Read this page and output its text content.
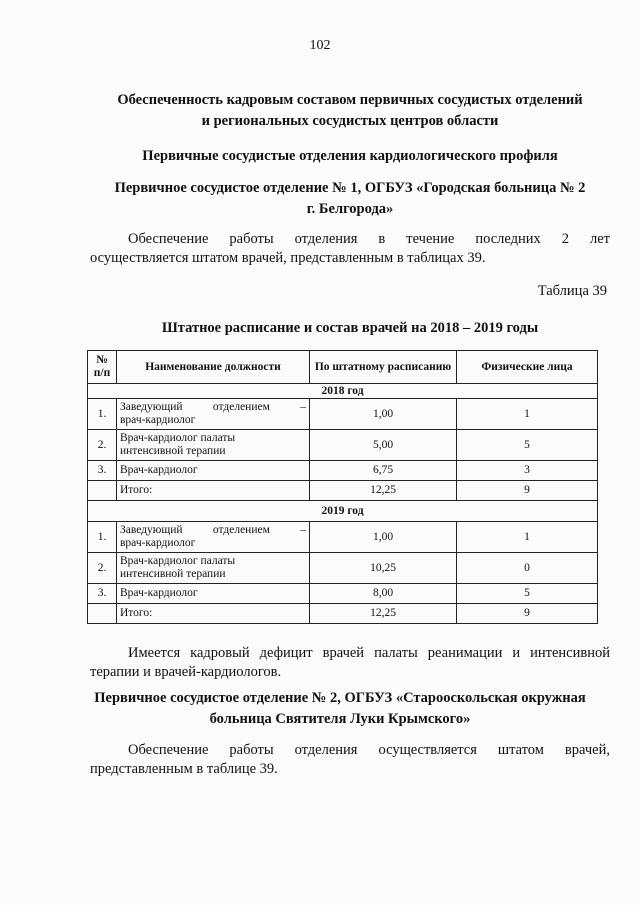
102
Обеспеченность кадровым составом первичных сосудистых отделений
и региональных сосудистых центров области
Первичные сосудистые отделения кардиологического профиля
Первичное сосудистое отделение № 1, ОГБУЗ «Городская больница № 2
г. Белгорода»
Обеспечение работы отделения в течение последних 2 лет
осуществляется штатом врачей, представленным в таблицах 39.
Таблица 39
Штатное расписание и состав врачей на 2018 – 2019 годы
№ п/п	Наименование должности	По штатному расписанию	Физические лица
2018 год			
1.	Заведующий отделением –
врач-кардиолог	1,00	1
2.	Врач-кардиолог палаты
интенсивной терапии	5,00	5
3.	Врач-кардиолог	6,75	3
	Итого:	12,25	9
2019 год			
1.	Заведующий отделением –
врач-кардиолог	1,00	1
2.	Врач-кардиолог палаты
интенсивной терапии	10,25	0
3.	Врач-кардиолог	8,00	5
	Итого:	12,25	9
Имеется кадровый дефицит врачей палаты реанимации и интенсивной
терапии и врачей-кардиологов.
Первичное сосудистое отделение № 2, ОГБУЗ «Старооскольская окружная
больница Святителя Луки Крымского»
Обеспечение работы отделения осуществляется штатом врачей,
представленным в таблице 39.
